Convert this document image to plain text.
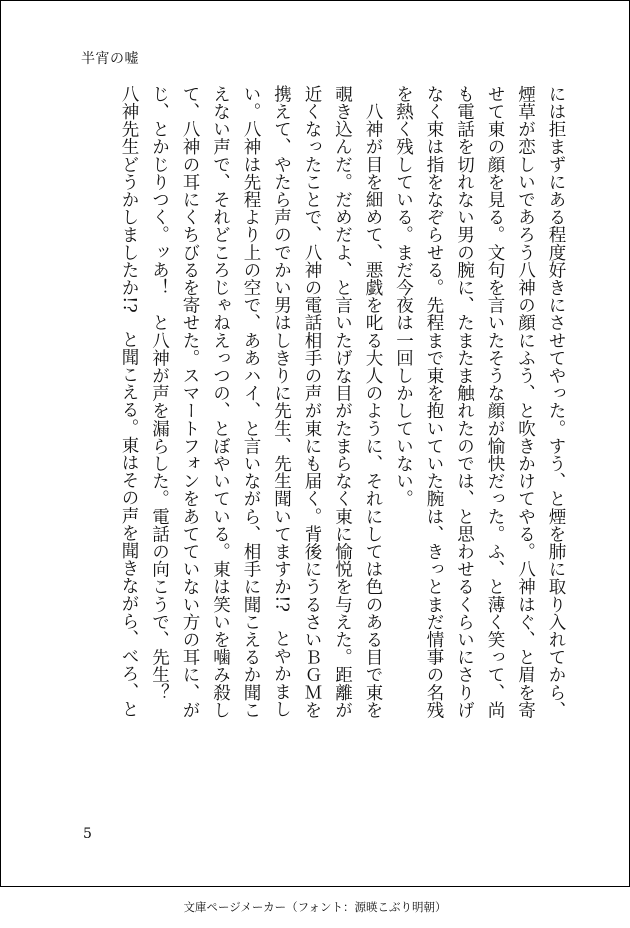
半宵の嘘

には拒まずにある程度好きにさせてやった。すう、と煙を肺に取り入れてから、

煙草が恋しいであろう八神の顔にふう、と吹きかけてやる。八神はぐ、と眉を寄

せて東の顔を見る。文句を言いたそうな顔が愉快だった。ふ、と薄く笑って、尚

も電話を切れない男の腕に、たまたま触れたのでは、と思わせるくらいにさりげ

なく束は指をなぞらせる。先程まで東を抱いていた腕は、きっとまだ情事の名残

を熱く残している。まだ今夜は一回しかしていない。

　八神が目を細めて、悪戯を叱る大人のように、それにしては色のある目で東を

覗き込んだ。だめだよ、と言いたげな目がたまらなく東に愉悦を与えた。距離が

近くなったことで、八神の電話相手の声が東にも届く。背後にうるさいＢＧＭを

携えて、やたら声のでかい男はしきりに先生、先生聞いてますか!?　とやかまし

い。八神は先程より上の空で、ああハイ、と言いながら、相手に聞こえるか聞こ

えない声で、それどころじゃねえっつの、とぼやいている。東は笑いを噛み殺し

て、八神の耳にくちびるを寄せた。スマートフォンをあてていない方の耳に、が

じ、とかじりつく。ッあ！　と八神が声を漏らした。電話の向こうで、先生？

八神先生どうかしましたか!?　と聞こえる。東はその声を聞きながら、べろ、と

5
文庫ページメーカー（フォント：源暎こぶり明朝）
